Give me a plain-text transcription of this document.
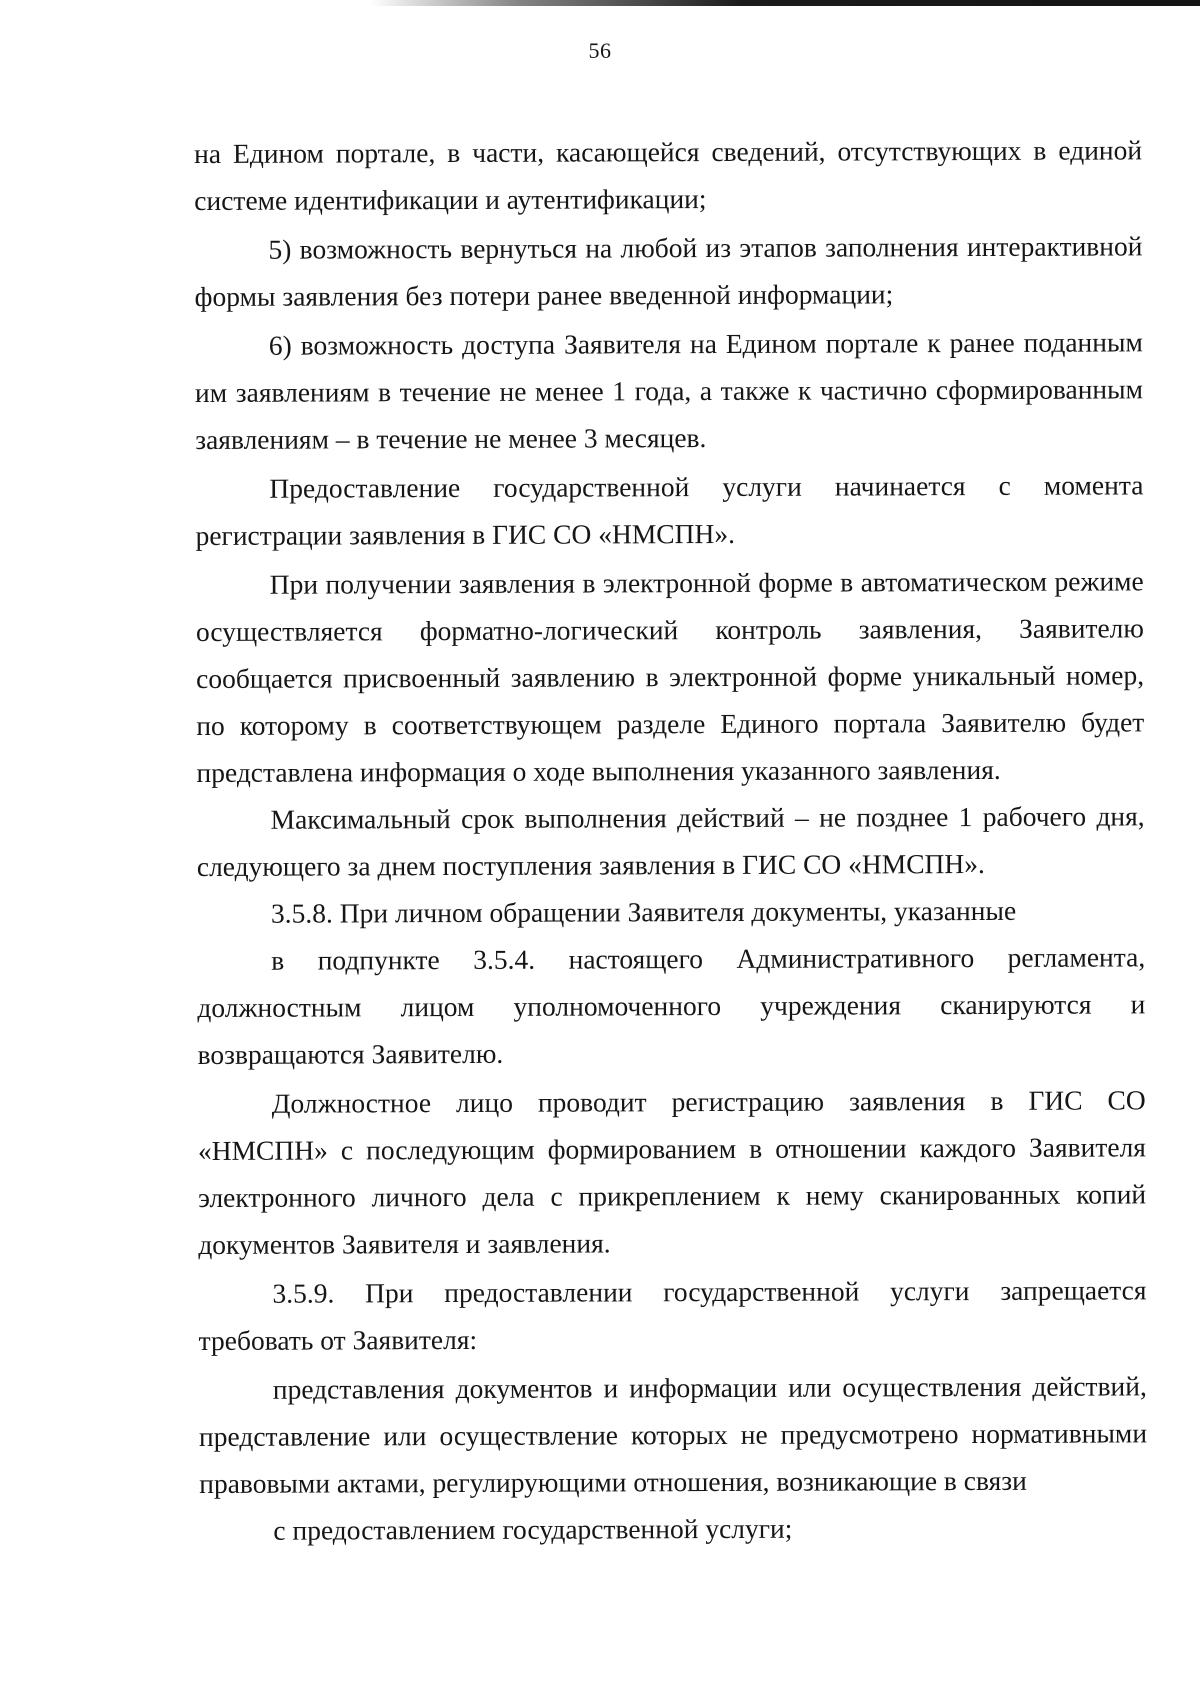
56

на Едином портале, в части, касающейся сведений, отсутствующих в единой системе идентификации и аутентификации;

5) возможность вернуться на любой из этапов заполнения интерактивной формы заявления без потери ранее введенной информации;

6) возможность доступа Заявителя на Едином портале к ранее поданным им заявлениям в течение не менее 1 года, а также к частично сформированным заявлениям – в течение не менее 3 месяцев.

Предоставление государственной услуги начинается с момента регистрации заявления в ГИС СО «НМСПН».

При получении заявления в электронной форме в автоматическом режиме осуществляется форматно-логический контроль заявления, Заявителю сообщается присвоенный заявлению в электронной форме уникальный номер, по которому в соответствующем разделе Единого портала Заявителю будет представлена информация о ходе выполнения указанного заявления.

Максимальный срок выполнения действий – не позднее 1 рабочего дня, следующего за днем поступления заявления в ГИС СО «НМСПН».

3.5.8. При личном обращении Заявителя документы, указанные

в подпункте 3.5.4. настоящего Административного регламента, должностным лицом уполномоченного учреждения сканируются и возвращаются Заявителю.

Должностное лицо проводит регистрацию заявления в ГИС СО «НМСПН» с последующим формированием в отношении каждого Заявителя электронного личного дела с прикреплением к нему сканированных копий документов Заявителя и заявления.

3.5.9. При предоставлении государственной услуги запрещается требовать от Заявителя:

представления документов и информации или осуществления действий, представление или осуществление которых не предусмотрено нормативными правовыми актами, регулирующими отношения, возникающие в связи

с предоставлением государственной услуги;
